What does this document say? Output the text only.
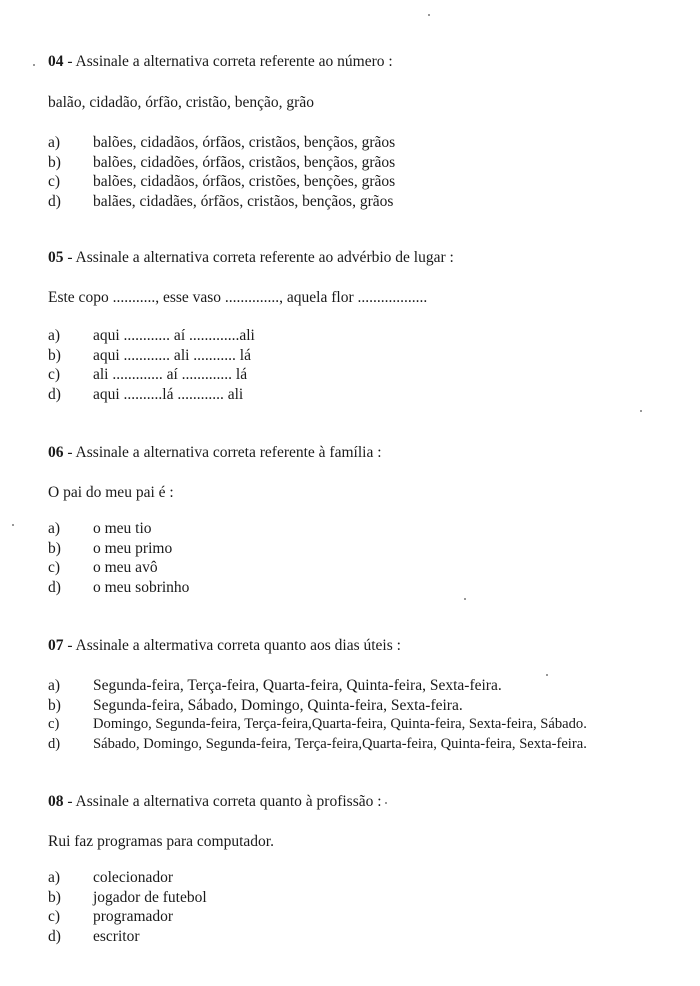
04 - Assinale a alternativa correta referente ao número :
balão, cidadão, órfão, cristão, benção, grão
a) balões, cidadãos, órfãos, cristãos, bençãos, grãos
b) balões, cidadões, órfãos, cristãos, bençãos, grãos
c) balões, cidadãos, órfãos, cristões, benções, grãos
d) balães, cidadães, órfãos, cristãos, bençãos, grãos
05 - Assinale a alternativa correta referente ao advérbio de lugar :
Este copo ..........., esse vaso .............., aquela flor ..................
a) aqui ............ aí .............ali
b) aqui ............ ali ........... lá
c) ali ............. aí ............. lá
d) aqui ..........lá ............ ali
06 - Assinale a alternativa correta referente à família :
O pai do meu pai é :
a) o meu tio
b) o meu primo
c) o meu avô
d) o meu sobrinho
07 - Assinale a altermativa correta quanto aos dias úteis :
a) Segunda-feira, Terça-feira, Quarta-feira, Quinta-feira, Sexta-feira.
b) Segunda-feira, Sábado, Domingo, Quinta-feira, Sexta-feira.
c) Domingo, Segunda-feira, Terça-feira,Quarta-feira, Quinta-feira, Sexta-feira, Sábado.
d) Sábado, Domingo, Segunda-feira, Terça-feira,Quarta-feira, Quinta-feira, Sexta-feira.
08 - Assinale a alternativa correta quanto à profissão :
Rui faz programas para computador.
a) colecionador
b) jogador de futebol
c) programador
d) escritor
